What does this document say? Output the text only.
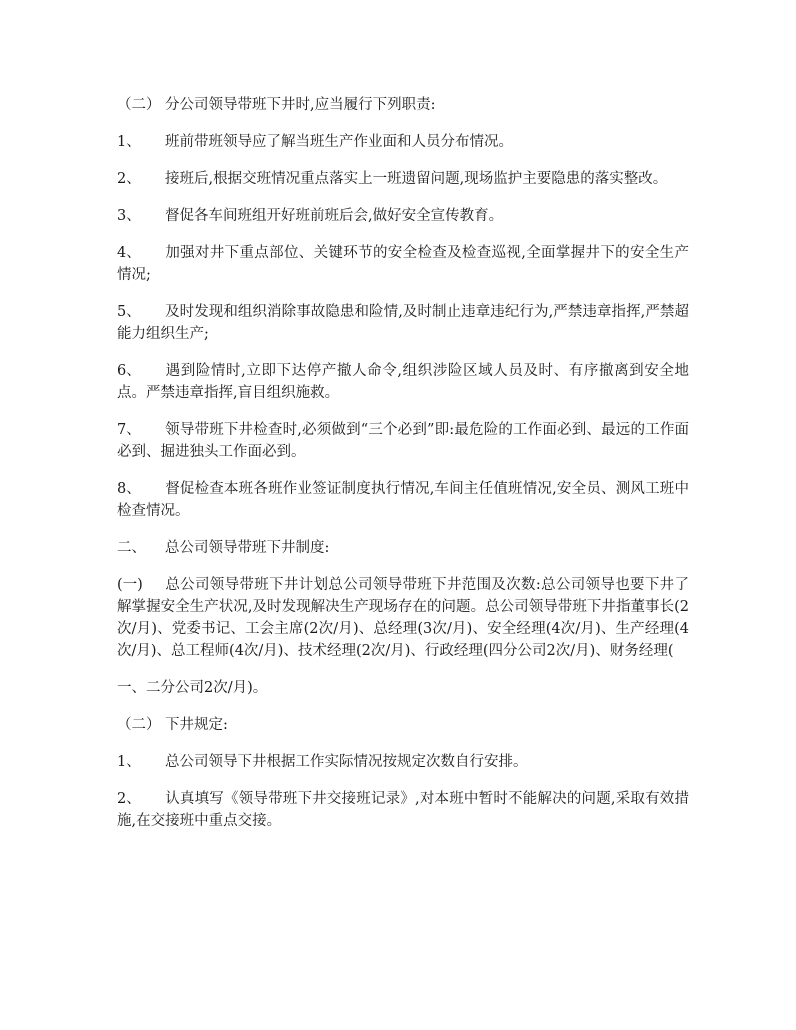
（二） 分公司领导带班下井时,应当履行下列职责:

1、 班前带班领导应了解当班生产作业面和人员分布情况。

2、 接班后,根据交班情况重点落实上一班遗留问题,现场监护主要隐患的落实整改。

3、 督促各车间班组开好班前班后会,做好安全宣传教育。

4、 加强对井下重点部位、关键环节的安全检查及检查巡视,全面掌握井下的安全生产情况;

5、 及时发现和组织消除事故隐患和险情,及时制止违章违纪行为,严禁违章指挥,严禁超能力组织生产;

6、 遇到险情时,立即下达停产撤人命令,组织涉险区域人员及时、有序撤离到安全地点。严禁违章指挥,盲目组织施救。

7、 领导带班下井检查时,必须做到“三个必到”即:最危险的工作面必到、最远的工作面必到、掘进独头工作面必到。

8、 督促检查本班各班作业签证制度执行情况,车间主任值班情况,安全员、测风工班中检查情况。

二、 总公司领导带班下井制度:

(一) 总公司领导带班下井计划总公司领导带班下井范围及次数:总公司领导也要下井了解掌握安全生产状况,及时发现解决生产现场存在的问题。总公司领导带班下井指董事长(2次/月)、党委书记、工会主席(2次/月)、总经理(3次/月)、安全经理(4次/月)、生产经理(4次/月)、总工程师(4次/月)、技术经理(2次/月)、行政经理(四分公司2次/月)、财务经理(

一、二分公司2次/月)。

（二） 下井规定:

1、 总公司领导下井根据工作实际情况按规定次数自行安排。

2、 认真填写《领导带班下井交接班记录》,对本班中暂时不能解决的问题,采取有效措施,在交接班中重点交接。
